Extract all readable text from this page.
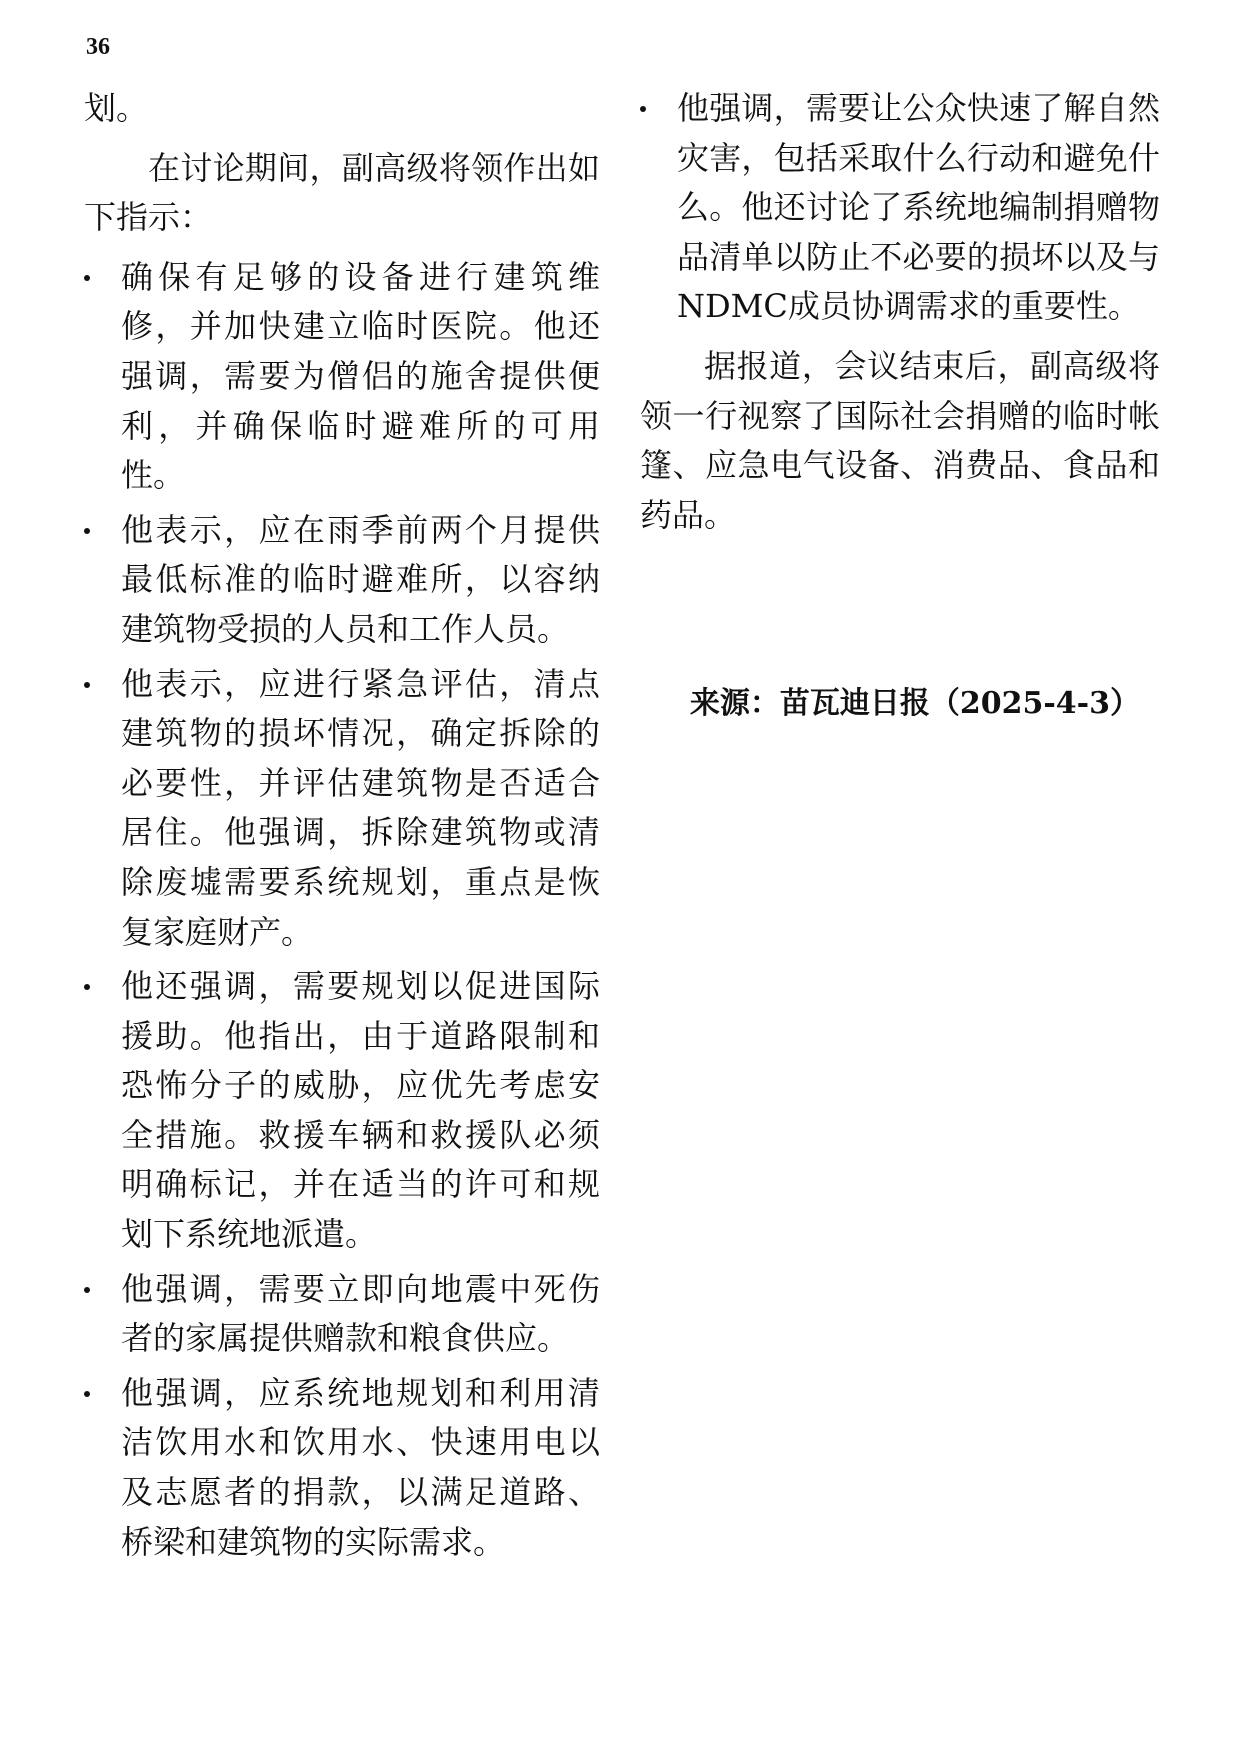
36

划。

在讨论期间，副高级将领作出如下指示：

确保有足够的设备进行建筑维修，并加快建立临时医院。他还强调，需要为僧侣的施舍提供便利，并确保临时避难所的可用性。
他表示，应在雨季前两个月提供最低标准的临时避难所，以容纳建筑物受损的人员和工作人员。
他表示，应进行紧急评估，清点建筑物的损坏情况，确定拆除的必要性，并评估建筑物是否适合居住。他强调，拆除建筑物或清除废墟需要系统规划，重点是恢复家庭财产。
他还强调，需要规划以促进国际援助。他指出，由于道路限制和恐怖分子的威胁，应优先考虑安全措施。救援车辆和救援队必须明确标记，并在适当的许可和规划下系统地派遣。
他强调，需要立即向地震中死伤者的家属提供赠款和粮食供应。
他强调，应系统地规划和利用清洁饮用水和饮用水、快速用电以及志愿者的捐款，以满足道路、桥梁和建筑物的实际需求。
他强调，需要让公众快速了解自然灾害，包括采取什么行动和避免什么。他还讨论了系统地编制捐赠物品清单以防止不必要的损坏以及与NDMC成员协调需求的重要性。

据报道，会议结束后，副高级将领一行视察了国际社会捐赠的临时帐篷、应急电气设备、消费品、食品和药品。

来源：苗瓦迪日报（2025-4-3）
